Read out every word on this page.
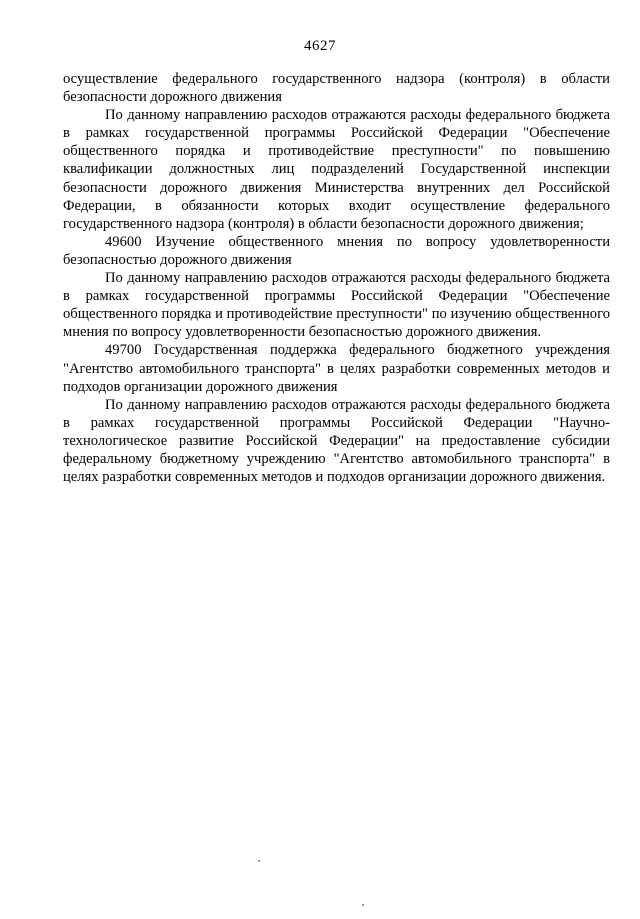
4627

осуществление федерального государственного надзора (контроля) в области безопасности дорожного движения

По данному направлению расходов отражаются расходы федерального бюджета в рамках государственной программы Российской Федерации "Обеспечение общественного порядка и противодействие преступности" по повышению квалификации должностных лиц подразделений Государственной инспекции безопасности дорожного движения Министерства внутренних дел Российской Федерации, в обязанности которых входит осуществление федерального государственного надзора (контроля) в области безопасности дорожного движения;

49600 Изучение общественного мнения по вопросу удовлетворенности безопасностью дорожного движения

По данному направлению расходов отражаются расходы федерального бюджета в рамках государственной программы Российской Федерации "Обеспечение общественного порядка и противодействие преступности" по изучению общественного мнения по вопросу удовлетворенности безопасностью дорожного движения.

49700 Государственная поддержка федерального бюджетного учреждения "Агентство автомобильного транспорта" в целях разработки современных методов и подходов организации дорожного движения

По данному направлению расходов отражаются расходы федерального бюджета в рамках государственной программы Российской Федерации "Научно-технологическое развитие Российской Федерации" на предоставление субсидии федеральному бюджетному учреждению "Агентство автомобильного транспорта" в целях разработки современных методов и подходов организации дорожного движения.
